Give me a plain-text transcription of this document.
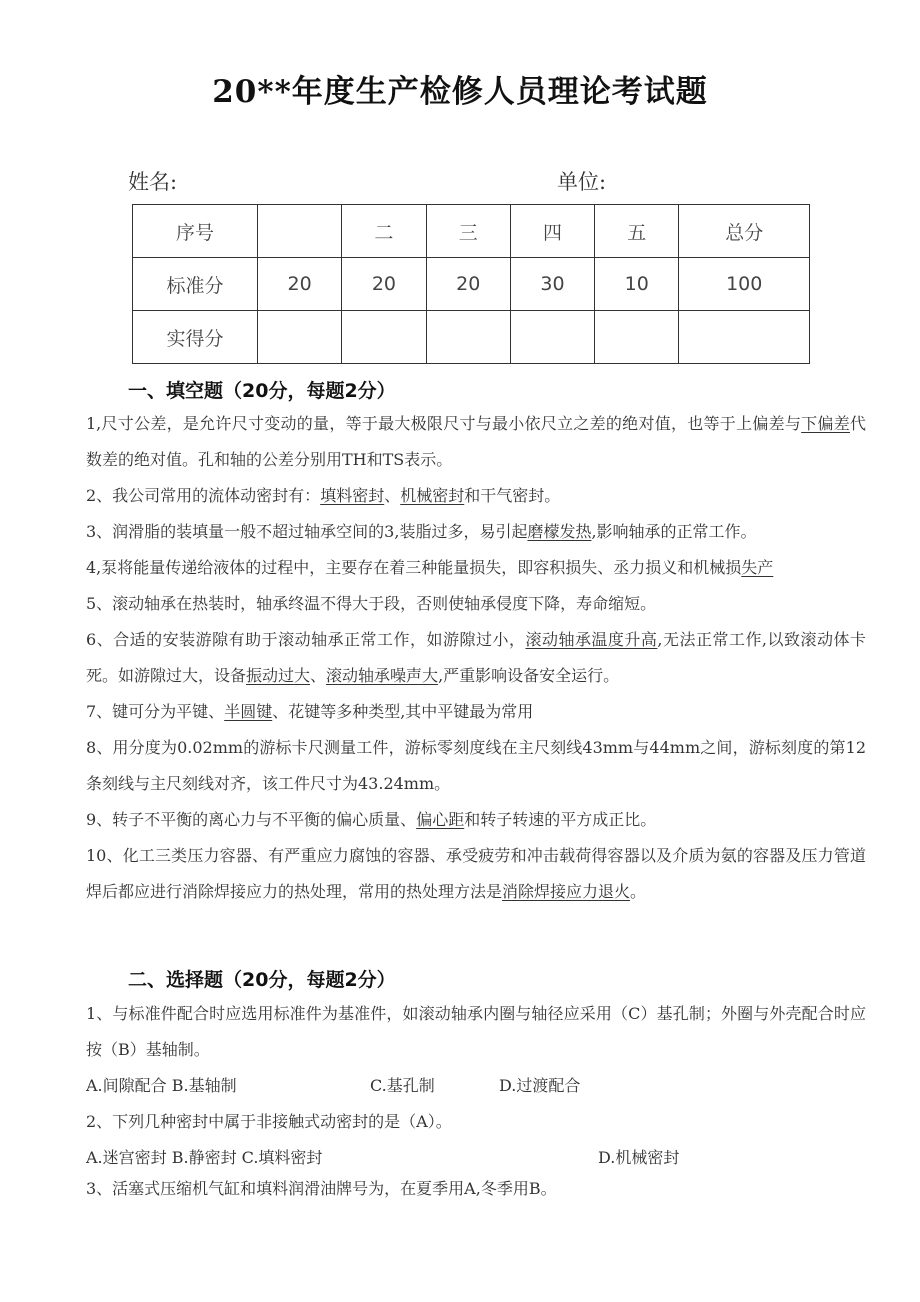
20**年度生产检修人员理论考试题
姓名:	单位:
序号		二	三	四	五	总分
标准分	20	20	20	30	10	100
实得分						
一、填空题（20分，每题2分）

1,尺寸公差，是允许尺寸变动的量，等于最大极限尺寸与最小依尺立之差的绝对值，也等于上偏差与下偏差代数差的绝对值。孔和轴的公差分别用TH和TS表示。

2、我公司常用的流体动密封有：填料密封、机械密封和干气密封。

3、润滑脂的装填量一般不超过轴承空间的3,装脂过多，易引起磨檬发热,影响轴承的正常工作。

4,泵将能量传递给液体的过程中，主要存在着三种能量损失，即容积损失、丞力损义和机械损失产

5、滚动轴承在热装时，轴承终温不得大于段，否则使轴承侵度下降，寿命缩短。

6、合适的安装游隙有助于滚动轴承正常工作，如游隙过小，滚动轴承温度升高,无法正常工作,以致滚动体卡死。如游隙过大，设备振动过大、滚动轴承噪声大,严重影响设备安全运行。

7、键可分为平键、半圆键、花键等多种类型,其中平键最为常用

8、用分度为0.02mm的游标卡尺测量工件，游标零刻度线在主尺刻线43mm与44mm之间，游标刻度的第12条刻线与主尺刻线对齐，该工件尺寸为43.24mm。

9、转子不平衡的离心力与不平衡的偏心质量、偏心距和转子转速的平方成正比。

10、化工三类压力容器、有严重应力腐蚀的容器、承受疲劳和冲击载荷得容器以及介质为氨的容器及压力管道焊后都应进行消除焊接应力的热处理，常用的热处理方法是消除焊接应力退火。

二、选择题（20分，每题2分）

1、与标准件配合时应选用标准件为基准件，如滚动轴承内圈与轴径应采用（C）基孔制；外圈与外壳配合时应按（B）基轴制。

A.间隙配合 B.基轴制	C.基孔制	D.过渡配合

2、下列几种密封中属于非接触式动密封的是（A）。

A.迷宫密封 B.静密封 C.填料密封	D.机械密封

3、活塞式压缩机气缸和填料润滑油牌号为，在夏季用A,冬季用B。
